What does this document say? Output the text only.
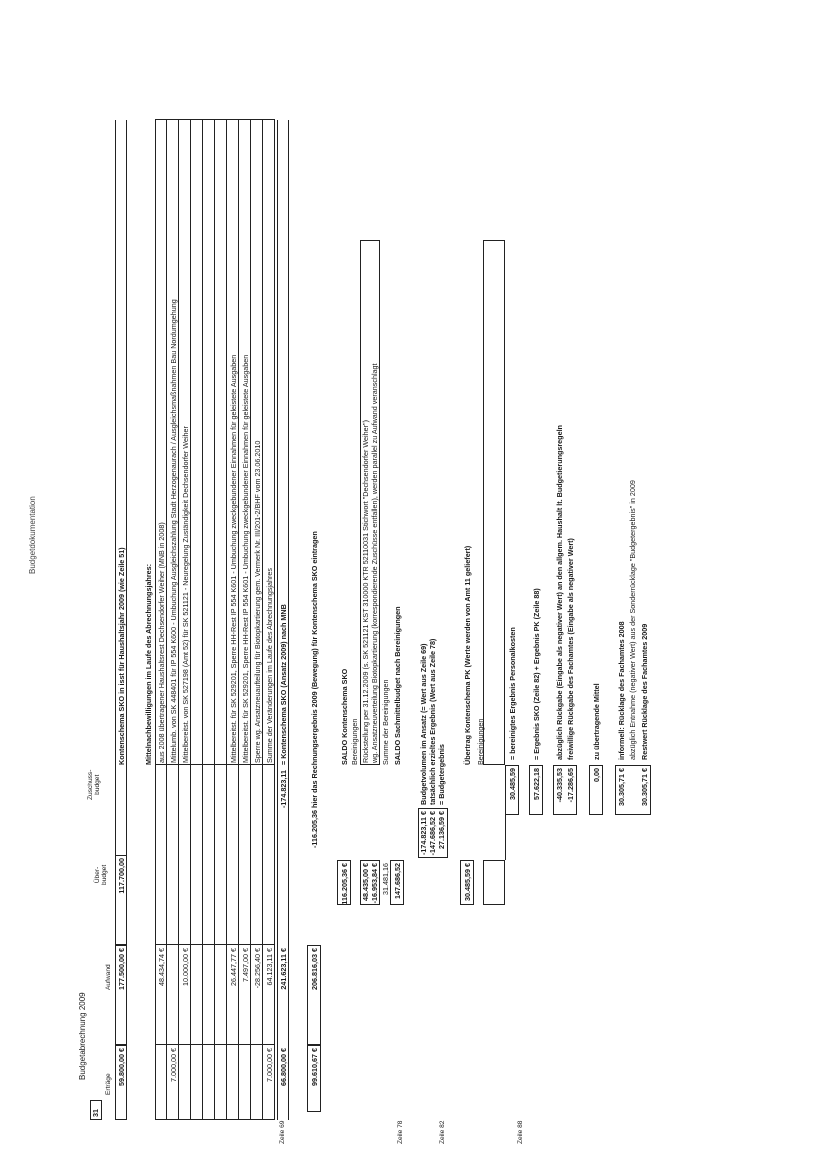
Budgetdokumentation
31
Budgetabrechnung 2009
Erträge
Aufwand
Über-
budget
Zuschuss-
budget
59.800,00 €
177.500,00 €
117.700,00
Kontenschema SKO in isst für Haushaltsjahr 2009 (wie Zeile 51)	Mittelnachbewilligungen im Laufe des Abrechnungsjahres:
48.434,74 €
aus 2008 übertragener Haushaltsrest Dechsendorfer Weiher (MNB in 2008)
7.000,00 €
Mittelumb. von SK 448401 für IP 554 K600 - Umbuchung Ausgleichszahlung Stadt Herzogenaurach / Ausgleichsmaßnahmen Bau Nordumgehung
10.000,00 €
Mittelbereitst. von SK 527198 (Amt 52) für SK 521121 - Neuregelung Zuständigkeit Dechsendorfer Weiher
26.447,77 €
Mittelbereitst. für SK 529201, Sperre HH-Rest IP 554 K601 - Umbuchung zweckgebundener Einnahmen für geleistete Ausgaben
7.497,00 €
Mittelbereitst. für SK 529201, Sperre HH-Rest IP 554 K601 - Umbuchung zweckgebundener Einnahmen für geleistete Ausgaben
-28.256,40 €
Sperre wg. Ansatzneuaufteilung für Biotopkartierung gem. Vermerk Nr. III/201-2/BHF vom 23.06.2010
7.000,00 €
64.123,11 €
Summe der Veränderungen im Laufe des Abrechnungsjahres
Zeile 69
66.800,00 €
241.623,11 €
-174.823,11
= Kontenschema SKO (Ansatz 2009) nach MNB
99.610,67 €
206.816,03 €
-116.205,36 hier das Rechnungsergebnis 2009 (Bewegung) für Kontenschema SKO eintragen
116.205,36 €
SALDO Kontenschema SKO Bereinigungen
48.435,00 €
Rückstellung per 31.12.2009 (s. SK 521121 KST 310000 KTR 52110031 Stichwort "Dechsendorfer Weiher")
-16.953,84 €
wg. Ansatzneuverteilung Biotopkartierung (korrespondierende Zuschüsse entfallen), werden parallel zu Aufwand veranschlagt
31.481,16
Summe der Bereinigungen
147.686,52
SALDO Sachmittelbudget nach Bereinigungen
Zeile 78
-174.823,11 € -147.686,52 € 27.136,59 €
Budgetvolumen im Ansatz (= Wert aus Zeile 69) tatsächlich erzieltes Ergebnis (Wert aus Zeile 78) = Budgetergebnis
Zeile 82
30.485,59 €
Übertrag Kontenschema PK (Werte werden von Amt 11 geliefert) Bereinigungen
30.485,59
= bereinigtes Ergebnis Personalkosten
Zeile 88
57.622,18
= Ergebnis SKO (Zeile 82) + Ergebnis PK (Zeile 88)
-40.335,53 -17.286,65
abzüglich Rückgabe (Eingabe als negativer Wert) an den allgem. Haushalt lt. Budgetierungsregeln freiwillige Rückgabe des Fachamtes (Eingabe als negativer Wert)
0,00
zu übertragende Mittel
30.305,71 € 30.305,71 €
informell: Rücklage des Fachamtes 2008 abzüglich Entnahme (negativer Wert) aus der Sonderrücklage "Budgetergebnis" in 2009 Restwert Rücklage des Fachamtes 2009
